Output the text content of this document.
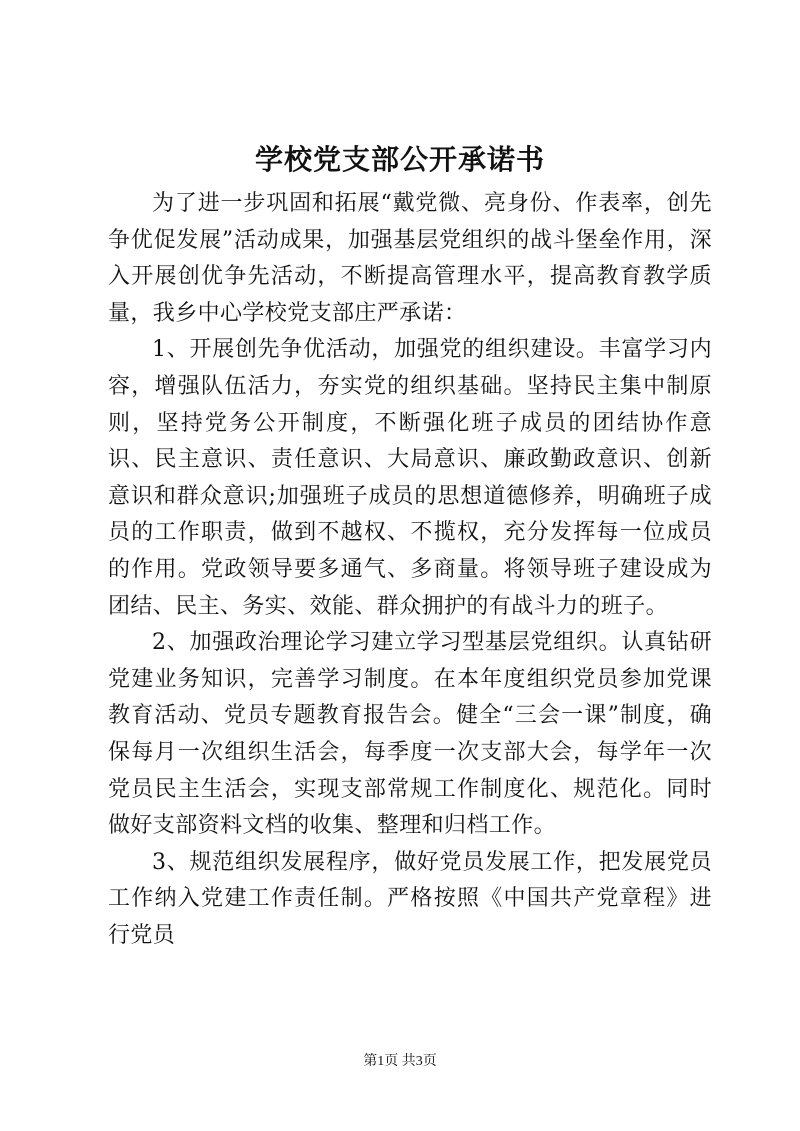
学校党支部公开承诺书

为了进一步巩固和拓展“戴党微、亮身份、作表率，创先争优促发展”活动成果，加强基层党组织的战斗堡垒作用，深入开展创优争先活动，不断提高管理水平，提高教育教学质量，我乡中心学校党支部庄严承诺：

1、开展创先争优活动，加强党的组织建设。丰富学习内容，增强队伍活力，夯实党的组织基础。坚持民主集中制原则，坚持党务公开制度，不断强化班子成员的团结协作意识、民主意识、责任意识、大局意识、廉政勤政意识、创新意识和群众意识;加强班子成员的思想道德修养，明确班子成员的工作职责，做到不越权、不揽权，充分发挥每一位成员的作用。党政领导要多通气、多商量。将领导班子建设成为团结、民主、务实、效能、群众拥护的有战斗力的班子。

2、加强政治理论学习建立学习型基层党组织。认真钻研党建业务知识，完善学习制度。在本年度组织党员参加党课教育活动、党员专题教育报告会。健全“三会一课”制度，确保每月一次组织生活会，每季度一次支部大会，每学年一次党员民主生活会，实现支部常规工作制度化、规范化。同时做好支部资料文档的收集、整理和归档工作。

3、规范组织发展程序，做好党员发展工作，把发展党员工作纳入党建工作责任制。严格按照《中国共产党章程》进行党员

第1页 共3页
